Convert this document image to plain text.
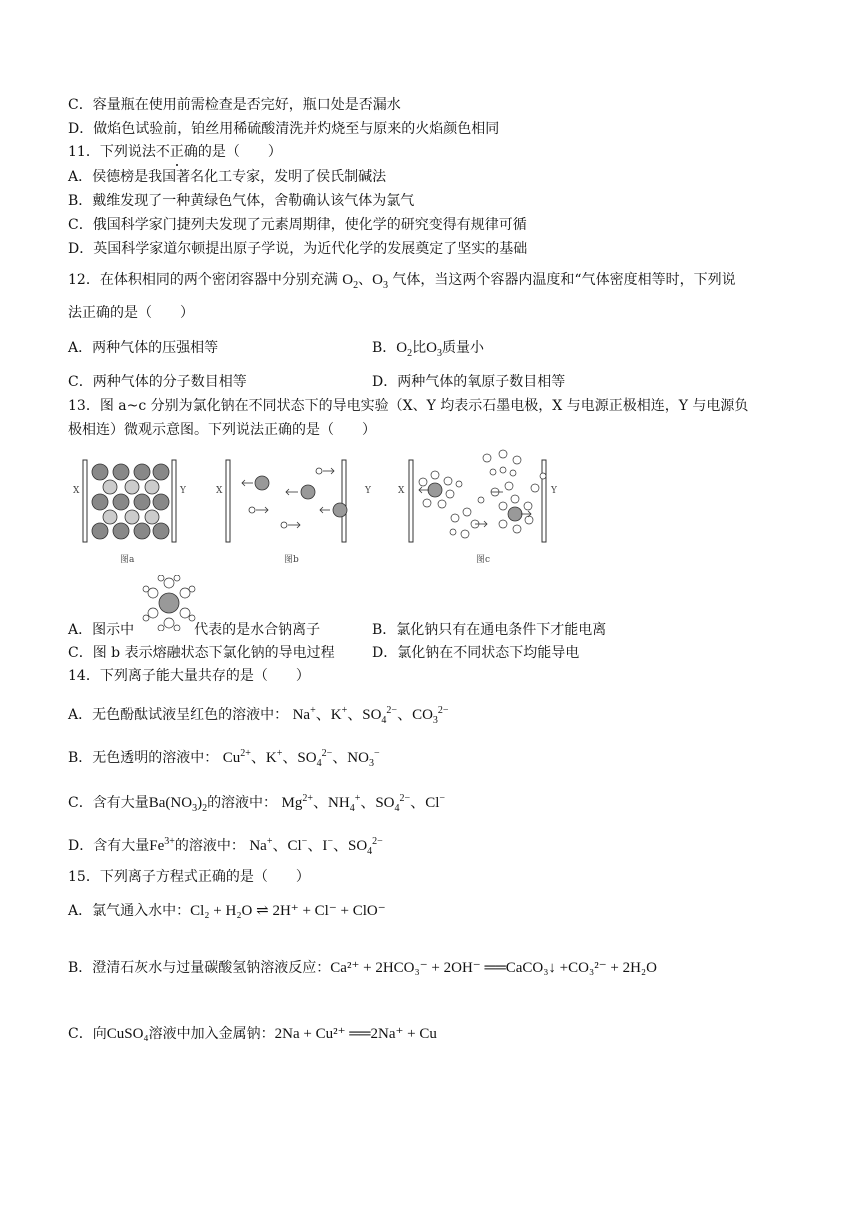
C．容量瓶在使用前需检查是否完好，瓶口处是否漏水
D．做焰色试验前，铂丝用稀硫酸清洗并灼烧至与原来的火焰颜色相同
11．下列说法不正确的是（　　）
A．侯德榜是我国著名化工专家，发明了侯氏制碱法
B．戴维发现了一种黄绿色气体，舍勒确认该气体为氯气
C．俄国科学家门捷列夫发现了元素周期律，使化学的研究变得有规律可循
D．英国科学家道尔顿提出原子学说，为近代化学的发展奠定了坚实的基础
12．在体积相同的两个密闭容器中分别充满 $O_2$、$O_3$ 气体，当这两个容器内温度和“气体密度相等时，下列说
法正确的是（　　）
A．两种气体的压强相等	B．$O_2$比$O_3$质量小
C．两种气体的分子数目相等	D．两种气体的氧原子数目相等
13．图 a~c 分别为氯化钠在不同状态下的导电实验（X、Y 均表示石墨电极，X 与电源正极相连，Y 与电源负
极相连）微观示意图。下列说法正确的是（　　）
X	Y
图a
X	Y
图b
X	Y
图c
A．图示中	代表的是水合钠离子	B．氯化钠只有在通电条件下才能电离
C．图 b 表示熔融状态下氯化钠的导电过程	D．氯化钠在不同状态下均能导电
14．下列离子能大量共存的是（　　）
A．无色酚酞试液呈红色的溶液中： Na+、K+、$SO_4^{2-}$、$CO_3^{2-}$
B．无色透明的溶液中： $Cu^{2+}$、K+、$SO_4^{2-}$、$NO_3^-$
C．含有大量$Ba(NO_3)_2$的溶液中： $Mg^{2+}$、$NH_4^+$、$SO_4^{2-}$、Cl−
D．含有大量$Fe^{3+}$的溶液中： Na+、Cl−、I−、$SO_4^{2-}$
15．下列离子方程式正确的是（　　）
A．氯气通入水中：Cl₂ + H₂O ⇌ 2H⁺ + Cl⁻ + ClO⁻
B．澄清石灰水与过量碳酸氢钠溶液反应：Ca²⁺ + 2HCO₃⁻ + 2OH⁻ ══CaCO₃↓ +CO₃²⁻ + 2H₂O
C．向CuSO₄溶液中加入金属钠：2Na + Cu²⁺ ══2Na⁺ + Cu
